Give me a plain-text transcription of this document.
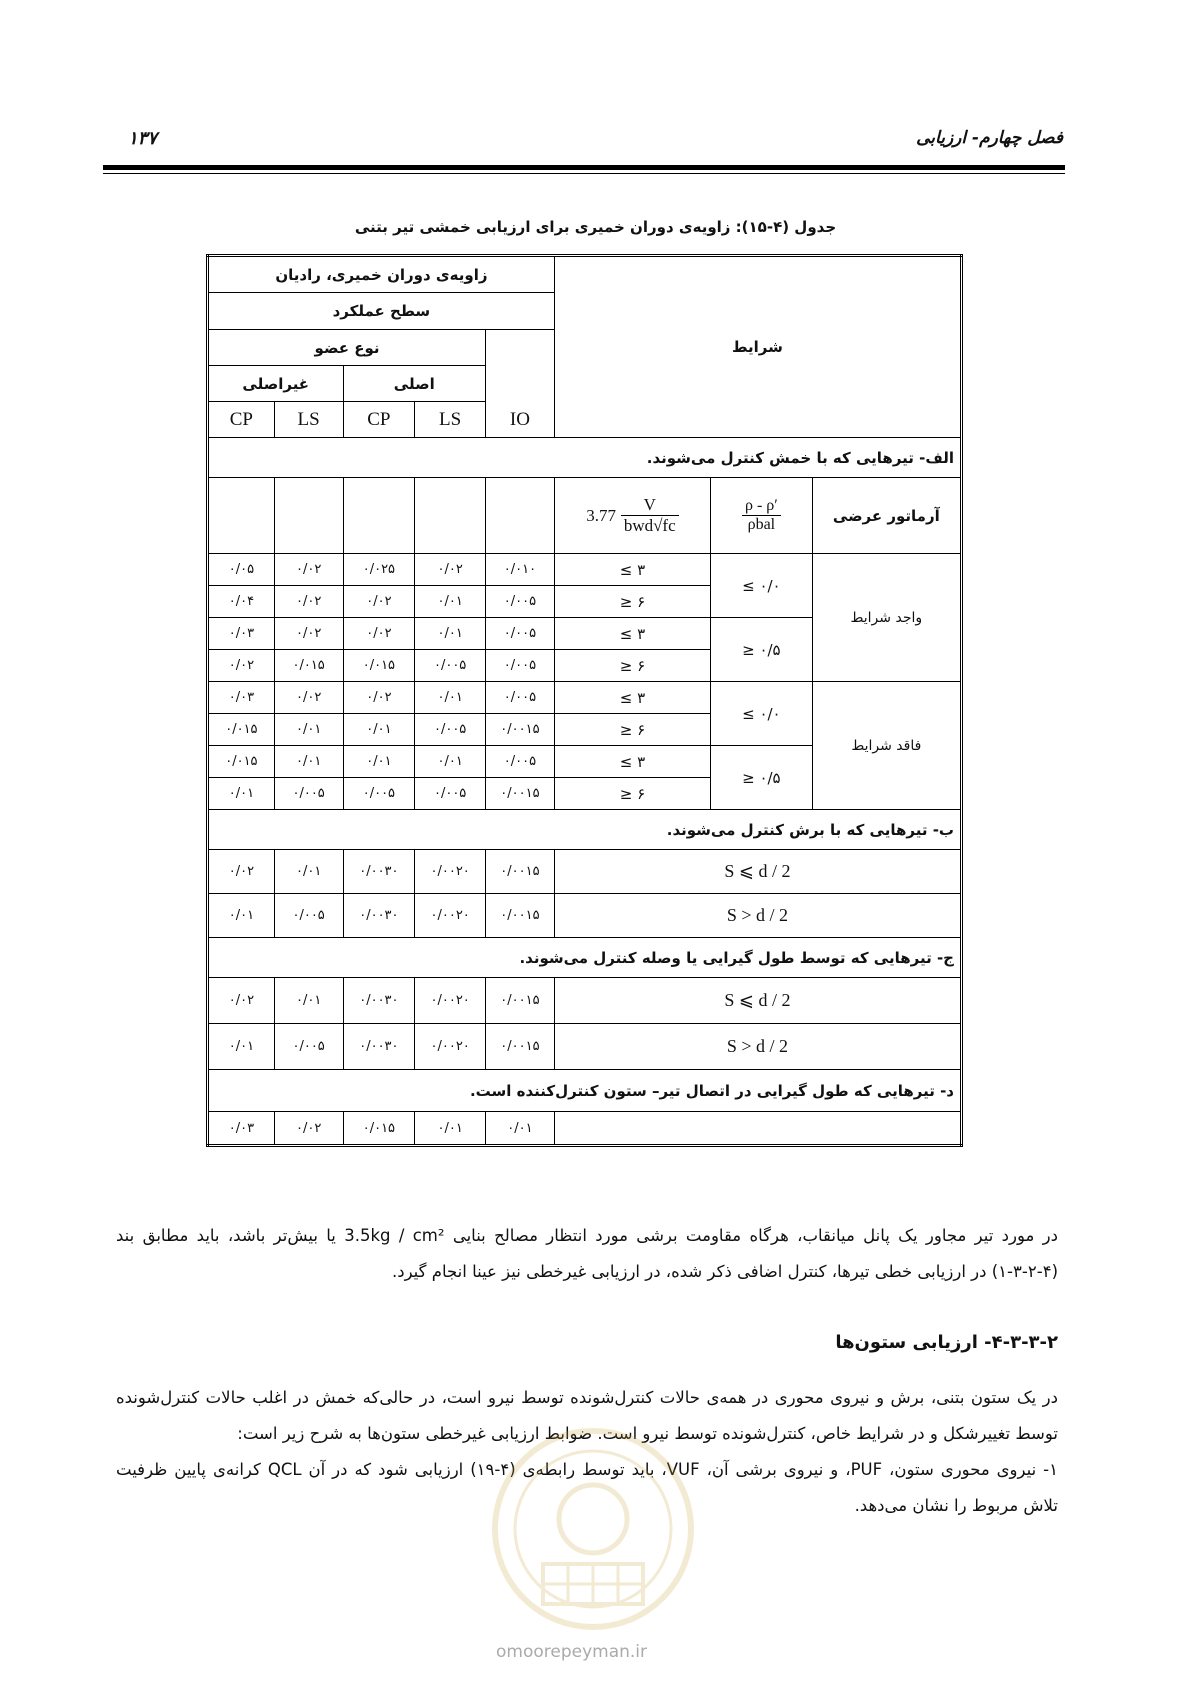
فصل چهارم- ارزیابی
۱۳۷
جدول (۴-۱۵): زاویه‌ی دوران خمیری برای ارزیابی خمشی تیر بتنی
زاویه‌ی دوران خمیری، رادیان					شرایط		
سطح عملکرد							
نوع عضو				IO			
غیراصلی		اصلی					
CP	LS	CP	LS				
الف- تیرهایی که با خمش کنترل می‌شوند.							
					$3.77 \frac{V}{\text{bwd√fc}}$	$\frac{\rho - \rho'}{\text{ρbal}}$	آرماتور عرضی
۰/۰۵	۰/۰۲	۰/۰۲۵	۰/۰۲	۰/۰۱۰	≤ ۳	≤ ۰/۰	واجد شرایط
۰/۰۴	۰/۰۲	۰/۰۲	۰/۰۱	۰/۰۰۵	≥ ۶		
۰/۰۳	۰/۰۲	۰/۰۲	۰/۰۱	۰/۰۰۵	≤ ۳	≥ ۰/۵	
۰/۰۲	۰/۰۱۵	۰/۰۱۵	۰/۰۰۵	۰/۰۰۵	≥ ۶		
۰/۰۳	۰/۰۲	۰/۰۲	۰/۰۱	۰/۰۰۵	≤ ۳	≤ ۰/۰	فاقد شرایط
۰/۰۱۵	۰/۰۱	۰/۰۱	۰/۰۰۵	۰/۰۰۱۵	≥ ۶		
۰/۰۱۵	۰/۰۱	۰/۰۱	۰/۰۱	۰/۰۰۵	≤ ۳	≥ ۰/۵	
۰/۰۱	۰/۰۰۵	۰/۰۰۵	۰/۰۰۵	۰/۰۰۱۵	≥ ۶		
ب- تیرهایی که با برش کنترل می‌شوند.							
۰/۰۲	۰/۰۱	۰/۰۰۳۰	۰/۰۰۲۰	۰/۰۰۱۵	S ⩽ d / 2		
۰/۰۱	۰/۰۰۵	۰/۰۰۳۰	۰/۰۰۲۰	۰/۰۰۱۵	S > d / 2		
ج- تیرهایی که توسط طول گیرایی یا وصله کنترل می‌شوند.							
۰/۰۲	۰/۰۱	۰/۰۰۳۰	۰/۰۰۲۰	۰/۰۰۱۵	S ⩽ d / 2		
۰/۰۱	۰/۰۰۵	۰/۰۰۳۰	۰/۰۰۲۰	۰/۰۰۱۵	S > d / 2		
د- تیرهایی که طول گیرایی در اتصال تیر– ستون کنترل‌کننده است.							
۰/۰۳	۰/۰۲	۰/۰۱۵	۰/۰۱	۰/۰۱			
در مورد تیر مجاور یک پانل میانقاب، هرگاه مقاومت برشی مورد انتظار مصالح بنایی 3.5kg / cm² یا بیش‌تر باشد، باید مطابق بند (۴-۲-۳-۱) در ارزیابی خطی تیرها، کنترل اضافی ذکر شده، در ارزیابی غیرخطی نیز عینا انجام گیرد.
۴-۳-۳-۲- ارزیابی ستون‌ها
در یک ستون بتنی، برش و نیروی محوری در همه‌ی حالات کنترل‌شونده توسط نیرو است، در حالی‌که خمش در اغلب حالات کنترل‌شونده توسط تغییرشکل و در شرایط خاص، کنترل‌شونده توسط نیرو است. ضوابط ارزیابی غیرخطی ستون‌ها به شرح زیر است:
۱- نیروی محوری ستون، PUF، و نیروی برشی آن، VUF، باید توسط رابطه‌ی (۴-۱۹) ارزیابی شود که در آن QCL کرانه‌ی پایین ظرفیت تلاش مربوط را نشان می‌دهد.
omoorepeyman.ir
